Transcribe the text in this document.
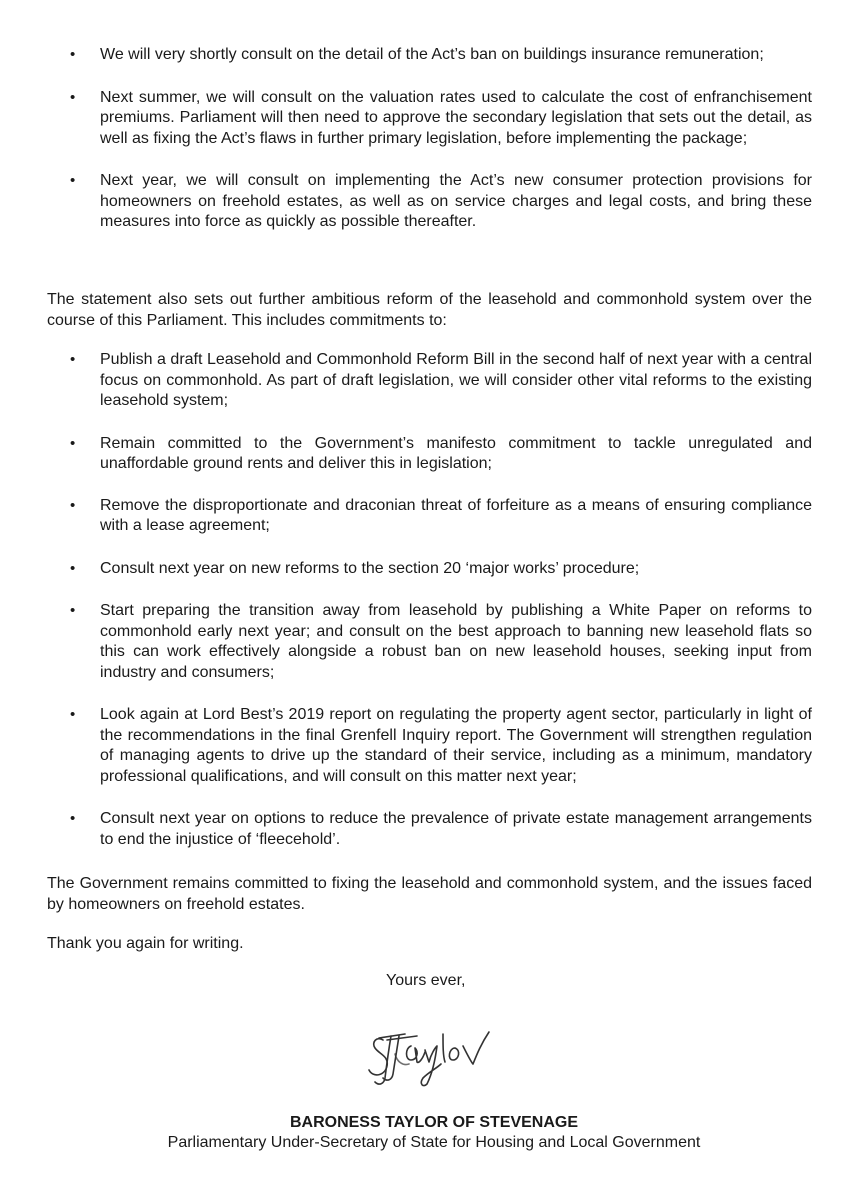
• We will very shortly consult on the detail of the Act’s ban on buildings insurance remuneration;
• Next summer, we will consult on the valuation rates used to calculate the cost of enfranchisement premiums. Parliament will then need to approve the secondary legislation that sets out the detail, as well as fixing the Act’s flaws in further primary legislation, before implementing the package;
• Next year, we will consult on implementing the Act’s new consumer protection provisions for homeowners on freehold estates, as well as on service charges and legal costs, and bring these measures into force as quickly as possible thereafter.

The statement also sets out further ambitious reform of the leasehold and commonhold system over the course of this Parliament. This includes commitments to:

• Publish a draft Leasehold and Commonhold Reform Bill in the second half of next year with a central focus on commonhold. As part of draft legislation, we will consider other vital reforms to the existing leasehold system;
• Remain committed to the Government’s manifesto commitment to tackle unregulated and unaffordable ground rents and deliver this in legislation;
• Remove the disproportionate and draconian threat of forfeiture as a means of ensuring compliance with a lease agreement;
• Consult next year on new reforms to the section 20 ‘major works’ procedure;
• Start preparing the transition away from leasehold by publishing a White Paper on reforms to commonhold early next year; and consult on the best approach to banning new leasehold flats so this can work effectively alongside a robust ban on new leasehold houses, seeking input from industry and consumers;
• Look again at Lord Best’s 2019 report on regulating the property agent sector, particularly in light of the recommendations in the final Grenfell Inquiry report. The Government will strengthen regulation of managing agents to drive up the standard of their service, including as a minimum, mandatory professional qualifications, and will consult on this matter next year;
• Consult next year on options to reduce the prevalence of private estate management arrangements to end the injustice of ‘fleecehold’.

The Government remains committed to fixing the leasehold and commonhold system, and the issues faced by homeowners on freehold estates.

Thank you again for writing.

Yours ever,

BARONESS TAYLOR OF STEVENAGE

Parliamentary Under-Secretary of State for Housing and Local Government
